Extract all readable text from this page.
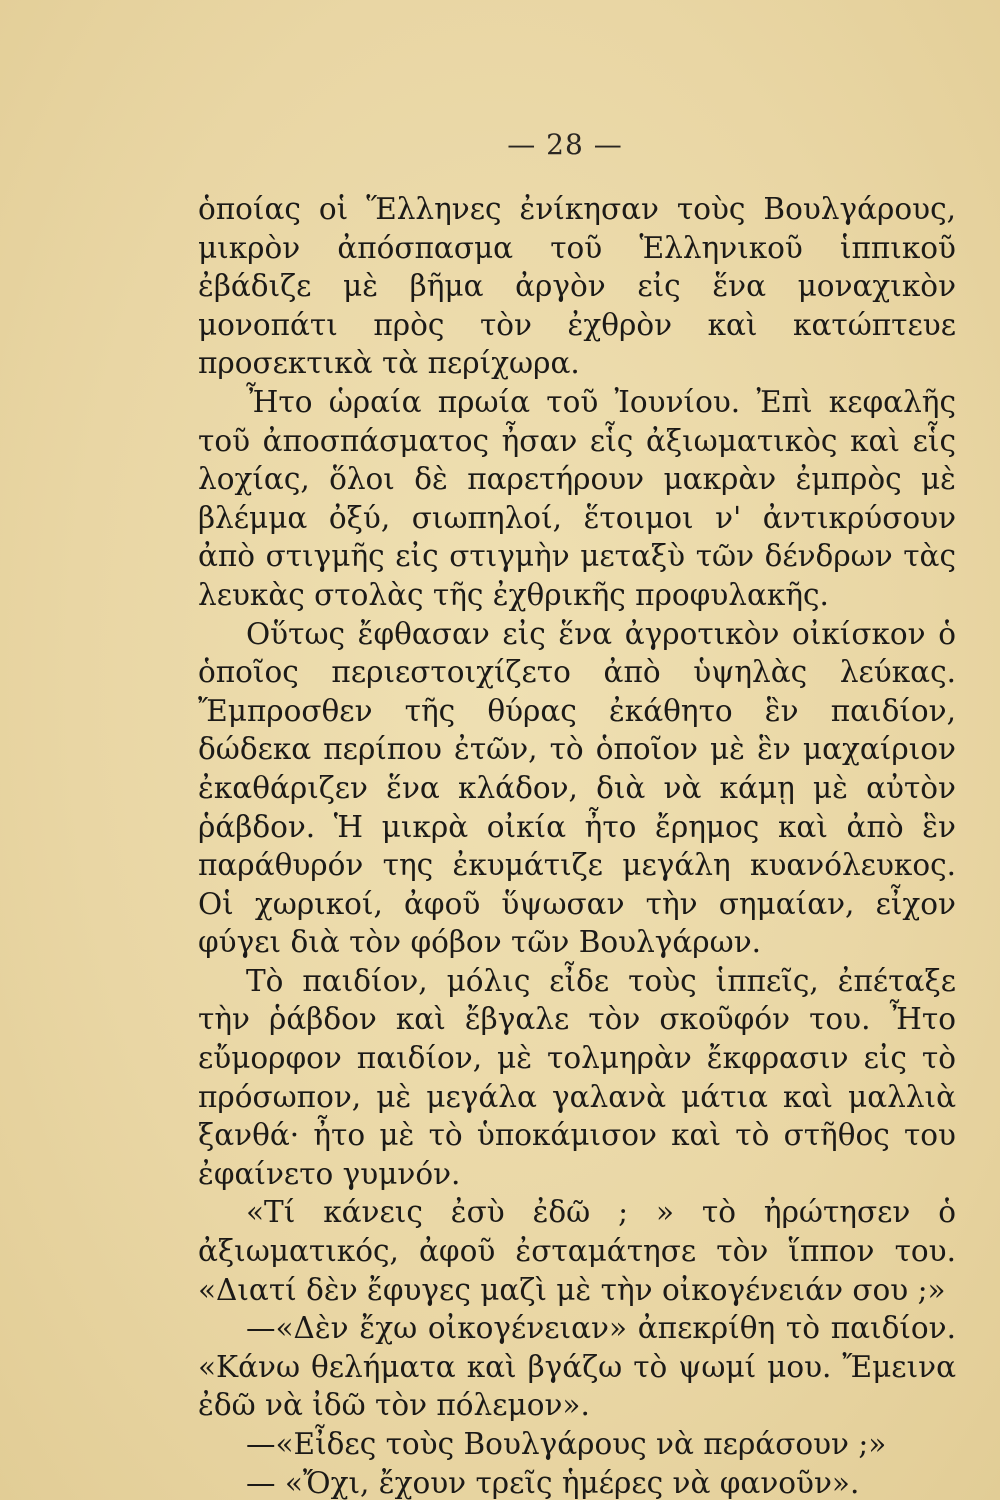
— 28 —

ὁποίας οἱ Ἕλληνες ἐνίκησαν τοὺς Βουλγάρους, μικρὸν ἀπόσπασμα τοῦ Ἑλληνικοῦ ἱππικοῦ ἐβάδιζε μὲ βῆμα ἀργὸν εἰς ἕνα μοναχικὸν μονοπάτι πρὸς τὸν ἐχθρὸν καὶ κατώπτευε προσεκτικὰ τὰ περίχωρα.

Ἦτο ὡραία πρωία τοῦ Ἰουνίου. Ἐπὶ κεφαλῆς τοῦ ἀποσπάσματος ἦσαν εἷς ἀξιωματικὸς καὶ εἷς λοχίας, ὅλοι δὲ παρετήρουν μακρὰν ἐμπρὸς μὲ βλέμμα ὀξύ, σιωπηλοί, ἕτοιμοι ν' ἀντικρύσουν ἀπὸ στιγμῆς εἰς στιγμὴν μεταξὺ τῶν δένδρων τὰς λευκὰς στολὰς τῆς ἐχθρικῆς προφυλακῆς.

Οὕτως ἔφθασαν εἰς ἕνα ἀγροτικὸν οἰκίσκον ὁ ὁποῖος περιεστοιχίζετο ἀπὸ ὑψηλὰς λεύκας. Ἔμπροσθεν τῆς θύρας ἐκάθητο ἓν παιδίον, δώδεκα περίπου ἐτῶν, τὸ ὁποῖον μὲ ἓν μαχαίριον ἐκαθάριζεν ἕνα κλάδον, διὰ νὰ κάμῃ μὲ αὐτὸν ῥάβδον. Ἡ μικρὰ οἰκία ἦτο ἔρημος καὶ ἀπὸ ἓν παράθυρόν της ἐκυμάτιζε μεγάλη κυανόλευκος. Οἱ χωρικοί, ἀφοῦ ὕψωσαν τὴν σημαίαν, εἶχον φύγει διὰ τὸν φόβον τῶν Βουλγάρων.

Τὸ παιδίον, μόλις εἶδε τοὺς ἱππεῖς, ἐπέταξε τὴν ῥάβδον καὶ ἔβγαλε τὸν σκοῦφόν του. Ἦτο εὔμορφον παιδίον, μὲ τολμηρὰν ἔκφρασιν εἰς τὸ πρόσωπον, μὲ μεγάλα γαλανὰ μάτια καὶ μαλλιὰ ξανθά· ἦτο μὲ τὸ ὑποκάμισον καὶ τὸ στῆθος του ἐφαίνετο γυμνόν.

«Τί κάνεις ἐσὺ ἐδῶ ; » τὸ ἠρώτησεν ὁ ἀξιωματικός, ἀφοῦ ἐσταμάτησε τὸν ἵππον του. «Διατί δὲν ἔφυγες μαζὶ μὲ τὴν οἰκογένειάν σου ;»

—«Δὲν ἔχω οἰκογένειαν» ἀπεκρίθη τὸ παιδίον. «Κάνω θελήματα καὶ βγάζω τὸ ψωμί μου. Ἔμεινα ἐδῶ νὰ ἰδῶ τὸν πόλεμον».

—«Εἶδες τοὺς Βουλγάρους νὰ περάσουν ;»

— «Ὄχι, ἔχουν τρεῖς ἡμέρες νὰ φανοῦν».
